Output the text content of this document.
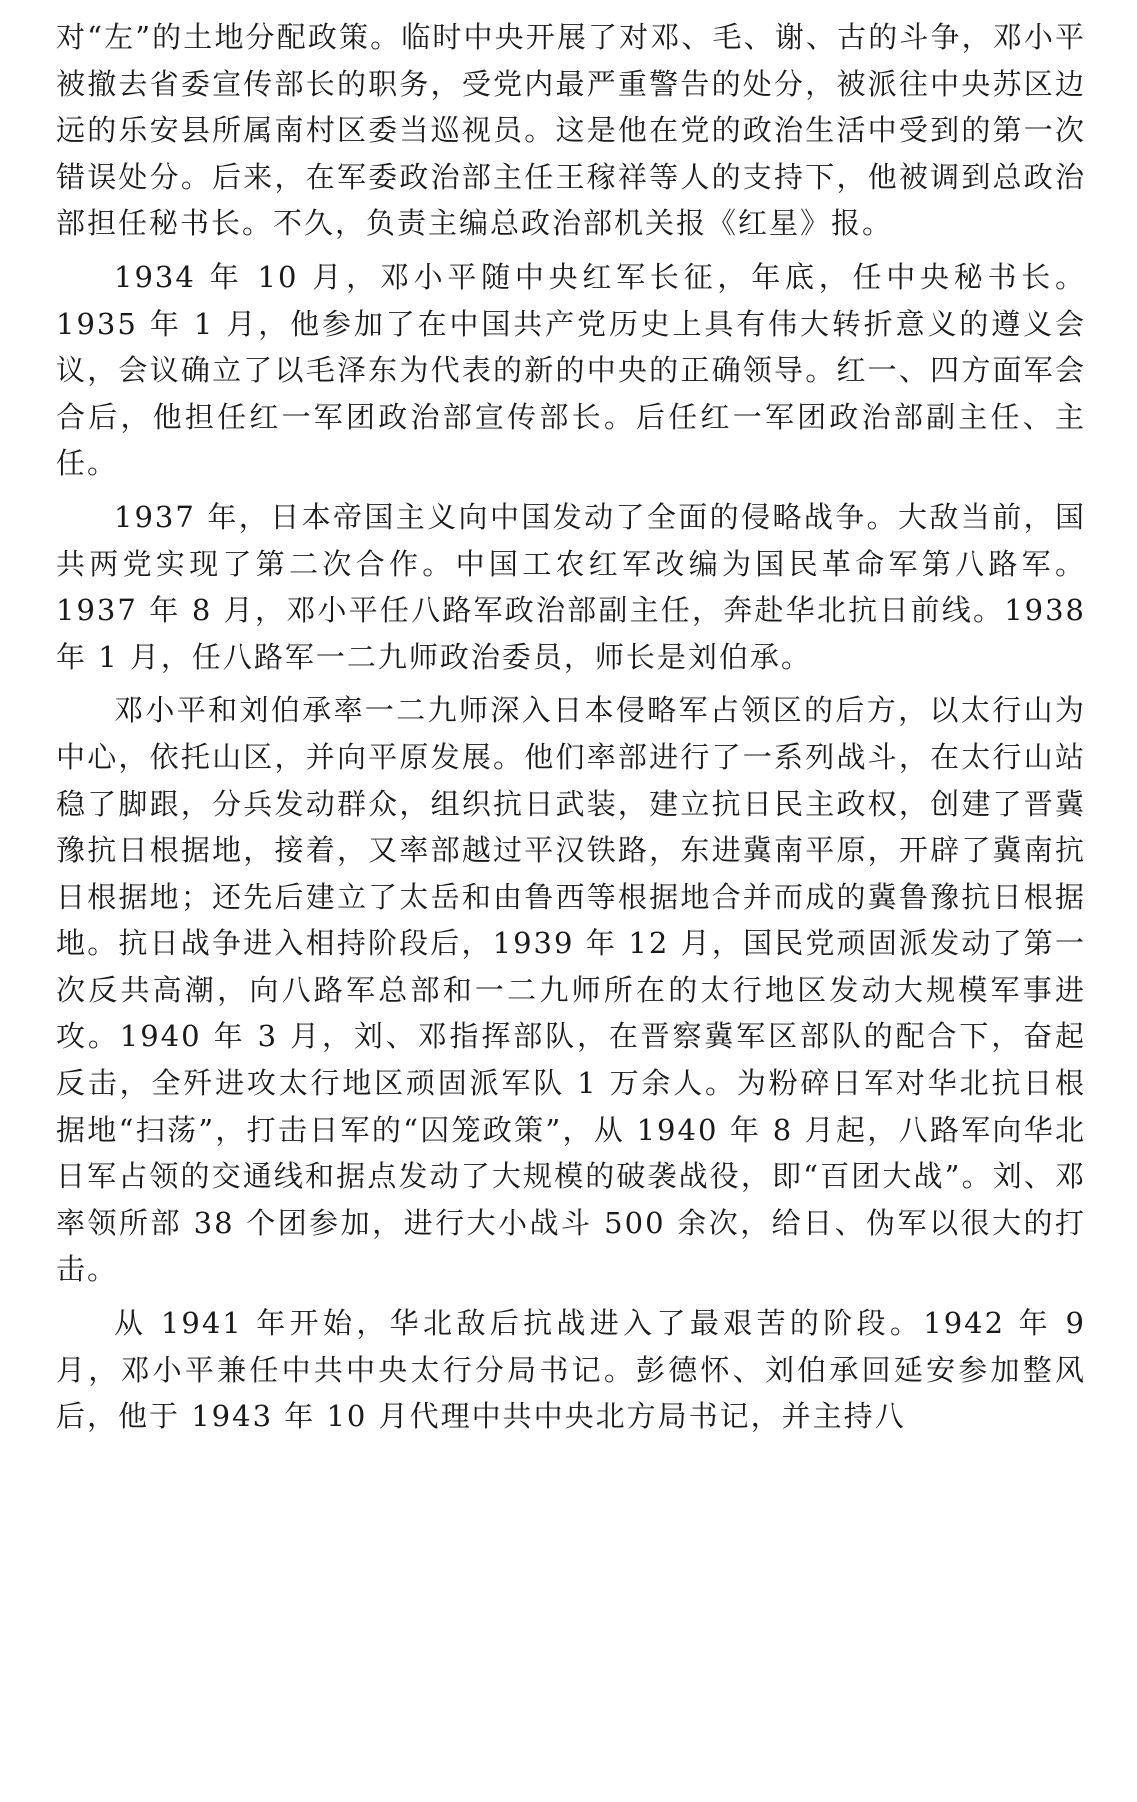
对“左”的土地分配政策。临时中央开展了对邓、毛、谢、古的斗争，邓小平被撤去省委宣传部长的职务，受党内最严重警告的处分，被派往中央苏区边远的乐安县所属南村区委当巡视员。这是他在党的政治生活中受到的第一次错误处分。后来，在军委政治部主任王稼祥等人的支持下，他被调到总政治部担任秘书长。不久，负责主编总政治部机关报《红星》报。

1934 年 10 月，邓小平随中央红军长征，年底，任中央秘书长。1935 年 1 月，他参加了在中国共产党历史上具有伟大转折意义的遵义会议，会议确立了以毛泽东为代表的新的中央的正确领导。红一、四方面军会合后，他担任红一军团政治部宣传部长。后任红一军团政治部副主任、主任。

1937 年，日本帝国主义向中国发动了全面的侵略战争。大敌当前，国共两党实现了第二次合作。中国工农红军改编为国民革命军第八路军。1937 年 8 月，邓小平任八路军政治部副主任，奔赴华北抗日前线。1938 年 1 月，任八路军一二九师政治委员，师长是刘伯承。

邓小平和刘伯承率一二九师深入日本侵略军占领区的后方，以太行山为中心，依托山区，并向平原发展。他们率部进行了一系列战斗，在太行山站稳了脚跟，分兵发动群众，组织抗日武装，建立抗日民主政权，创建了晋冀豫抗日根据地，接着，又率部越过平汉铁路，东进冀南平原，开辟了冀南抗日根据地；还先后建立了太岳和由鲁西等根据地合并而成的冀鲁豫抗日根据地。抗日战争进入相持阶段后，1939 年 12 月，国民党顽固派发动了第一次反共高潮，向八路军总部和一二九师所在的太行地区发动大规模军事进攻。1940 年 3 月，刘、邓指挥部队，在晋察冀军区部队的配合下，奋起反击，全歼进攻太行地区顽固派军队 1 万余人。为粉碎日军对华北抗日根据地“扫荡”，打击日军的“囚笼政策”，从 1940 年 8 月起，八路军向华北日军占领的交通线和据点发动了大规模的破袭战役，即“百团大战”。刘、邓率领所部 38 个团参加，进行大小战斗 500 余次，给日、伪军以很大的打击。

从 1941 年开始，华北敌后抗战进入了最艰苦的阶段。1942 年 9 月，邓小平兼任中共中央太行分局书记。彭德怀、刘伯承回延安参加整风后，他于 1943 年 10 月代理中共中央北方局书记，并主持八
